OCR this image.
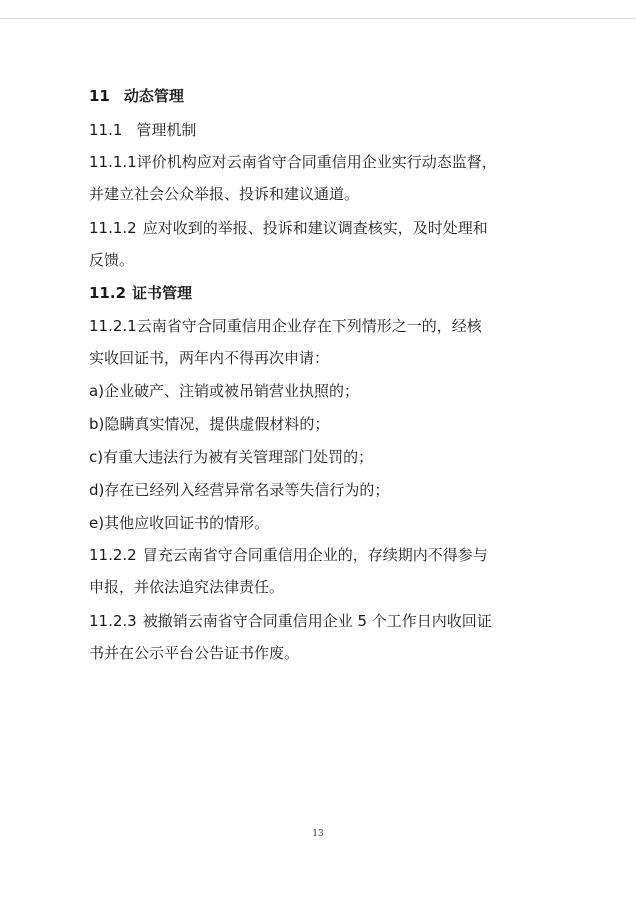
11 动态管理
11.1 管理机制
11.1.1评价机构应对云南省守合同重信用企业实行动态监督，
并建立社会公众举报、投诉和建议通道。
11.1.2 应对收到的举报、投诉和建议调查核实，及时处理和
反馈。
11.2 证书管理
11.2.1云南省守合同重信用企业存在下列情形之一的，经核
实收回证书，两年内不得再次申请：
a)企业破产、注销或被吊销营业执照的；
b)隐瞒真实情况，提供虚假材料的；
c)有重大违法行为被有关管理部门处罚的；
d)存在已经列入经营异常名录等失信行为的；
e)其他应收回证书的情形。
11.2.2 冒充云南省守合同重信用企业的，存续期内不得参与
申报，并依法追究法律责任。
11.2.3 被撤销云南省守合同重信用企业 5 个工作日内收回证
书并在公示平台公告证书作废。
13
